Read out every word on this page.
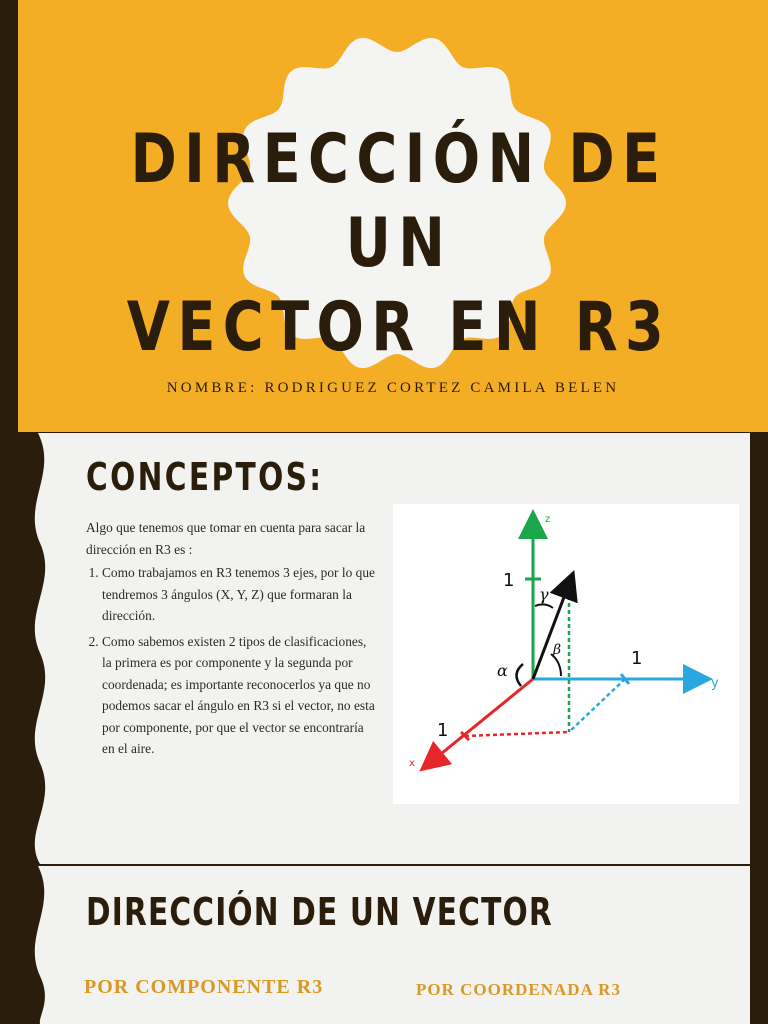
DIRECCIÓN DE UN
VECTOR EN R3

NOMBRE: RODRIGUEZ CORTEZ CAMILA BELEN

CONCEPTOS:

Algo que tenemos que tomar en cuenta para sacar la dirección en R3 es :

1. Como trabajamos en R3 tenemos 3 ejes, por lo que tendremos 3 ángulos (X, Y, Z) que formaran la dirección.
2. Como sabemos existen 2 tipos de clasificaciones, la primera es por componente y la segunda por coordenada; es importante reconocerlos ya que no podemos sacar el ángulo en R3 si el vector, no esta por componente, por que el vector se encontraría en el aire.
z
y
x
1
1
1
γ
β
α
DIRECCIÓN DE UN VECTOR

POR COMPONENTE R3	POR COORDENADA R3
